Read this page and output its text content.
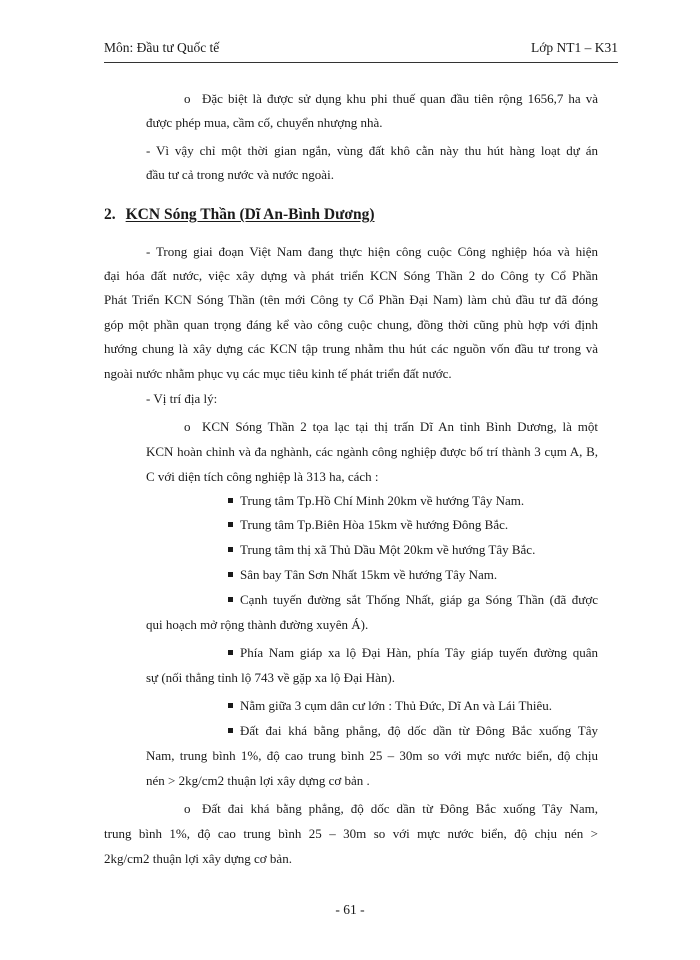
Môn: Đầu tư Quốc tế	Lớp NT1 – K31
o Đặc biệt là được sử dụng khu phi thuế quan đầu tiên rộng 1656,7 ha và
được phép mua, cầm cố, chuyển nhượng nhà.
- Vì vậy chỉ một thời gian ngắn, vùng đất khô cằn này thu hút hàng loạt dự án
đầu tư cả trong nước và nước ngoài.
2. KCN Sóng Thần (Dĩ An-Bình Dương)
- Trong giai đoạn Việt Nam đang thực hiện công cuộc Công nghiệp hóa và hiện
đại hóa đất nước, việc xây dựng và phát triển KCN Sóng Thần 2 do Công ty Cổ Phần
Phát Triển KCN Sóng Thần (tên mới Công ty Cổ Phần Đại Nam) làm chủ đầu tư đã đóng
góp một phần quan trọng đáng kể vào công cuộc chung, đồng thời cũng phù hợp với định
hướng chung là xây dựng các KCN tập trung nhằm thu hút các nguồn vốn đầu tư trong và
ngoài nước nhằm phục vụ các mục tiêu kinh tế phát triển đất nước.
- Vị trí địa lý:
o KCN Sóng Thần 2 tọa lạc tại thị trấn Dĩ An tỉnh Bình Dương, là một
KCN hoàn chỉnh và đa nghành, các ngành công nghiệp được bố trí thành 3 cụm A, B,
C với diện tích công nghiệp là 313 ha, cách :
Trung tâm Tp.Hồ Chí Minh 20km về hướng Tây Nam.
Trung tâm Tp.Biên Hòa 15km về hướng Đông Bắc.
Trung tâm thị xã Thủ Dầu Một 20km về hướng Tây Bắc.
Sân bay Tân Sơn Nhất 15km về hướng Tây Nam.
Cạnh tuyến đường sắt Thống Nhất, giáp ga Sóng Thần (đã được
qui hoạch mở rộng thành đường xuyên Á).
Phía Nam giáp xa lộ Đại Hàn, phía Tây giáp tuyến đường quân
sự (nối thẳng tỉnh lộ 743 về gặp xa lộ Đại Hàn).
Nằm giữa 3 cụm dân cư lớn : Thủ Đức, Dĩ An và Lái Thiêu.
Đất đai khá bằng phẳng, độ dốc dần từ Đông Bắc xuống Tây
Nam, trung bình 1%, độ cao trung bình 25 – 30m so với mực nước biển, độ chịu
nén > 2kg/cm2 thuận lợi xây dựng cơ bản .
o Đất đai khá bằng phẳng, độ dốc dần từ Đông Bắc xuống Tây Nam,
trung bình 1%, độ cao trung bình 25 – 30m so với mực nước biển, độ chịu nén >
2kg/cm2 thuận lợi xây dựng cơ bản.
- 61 -
